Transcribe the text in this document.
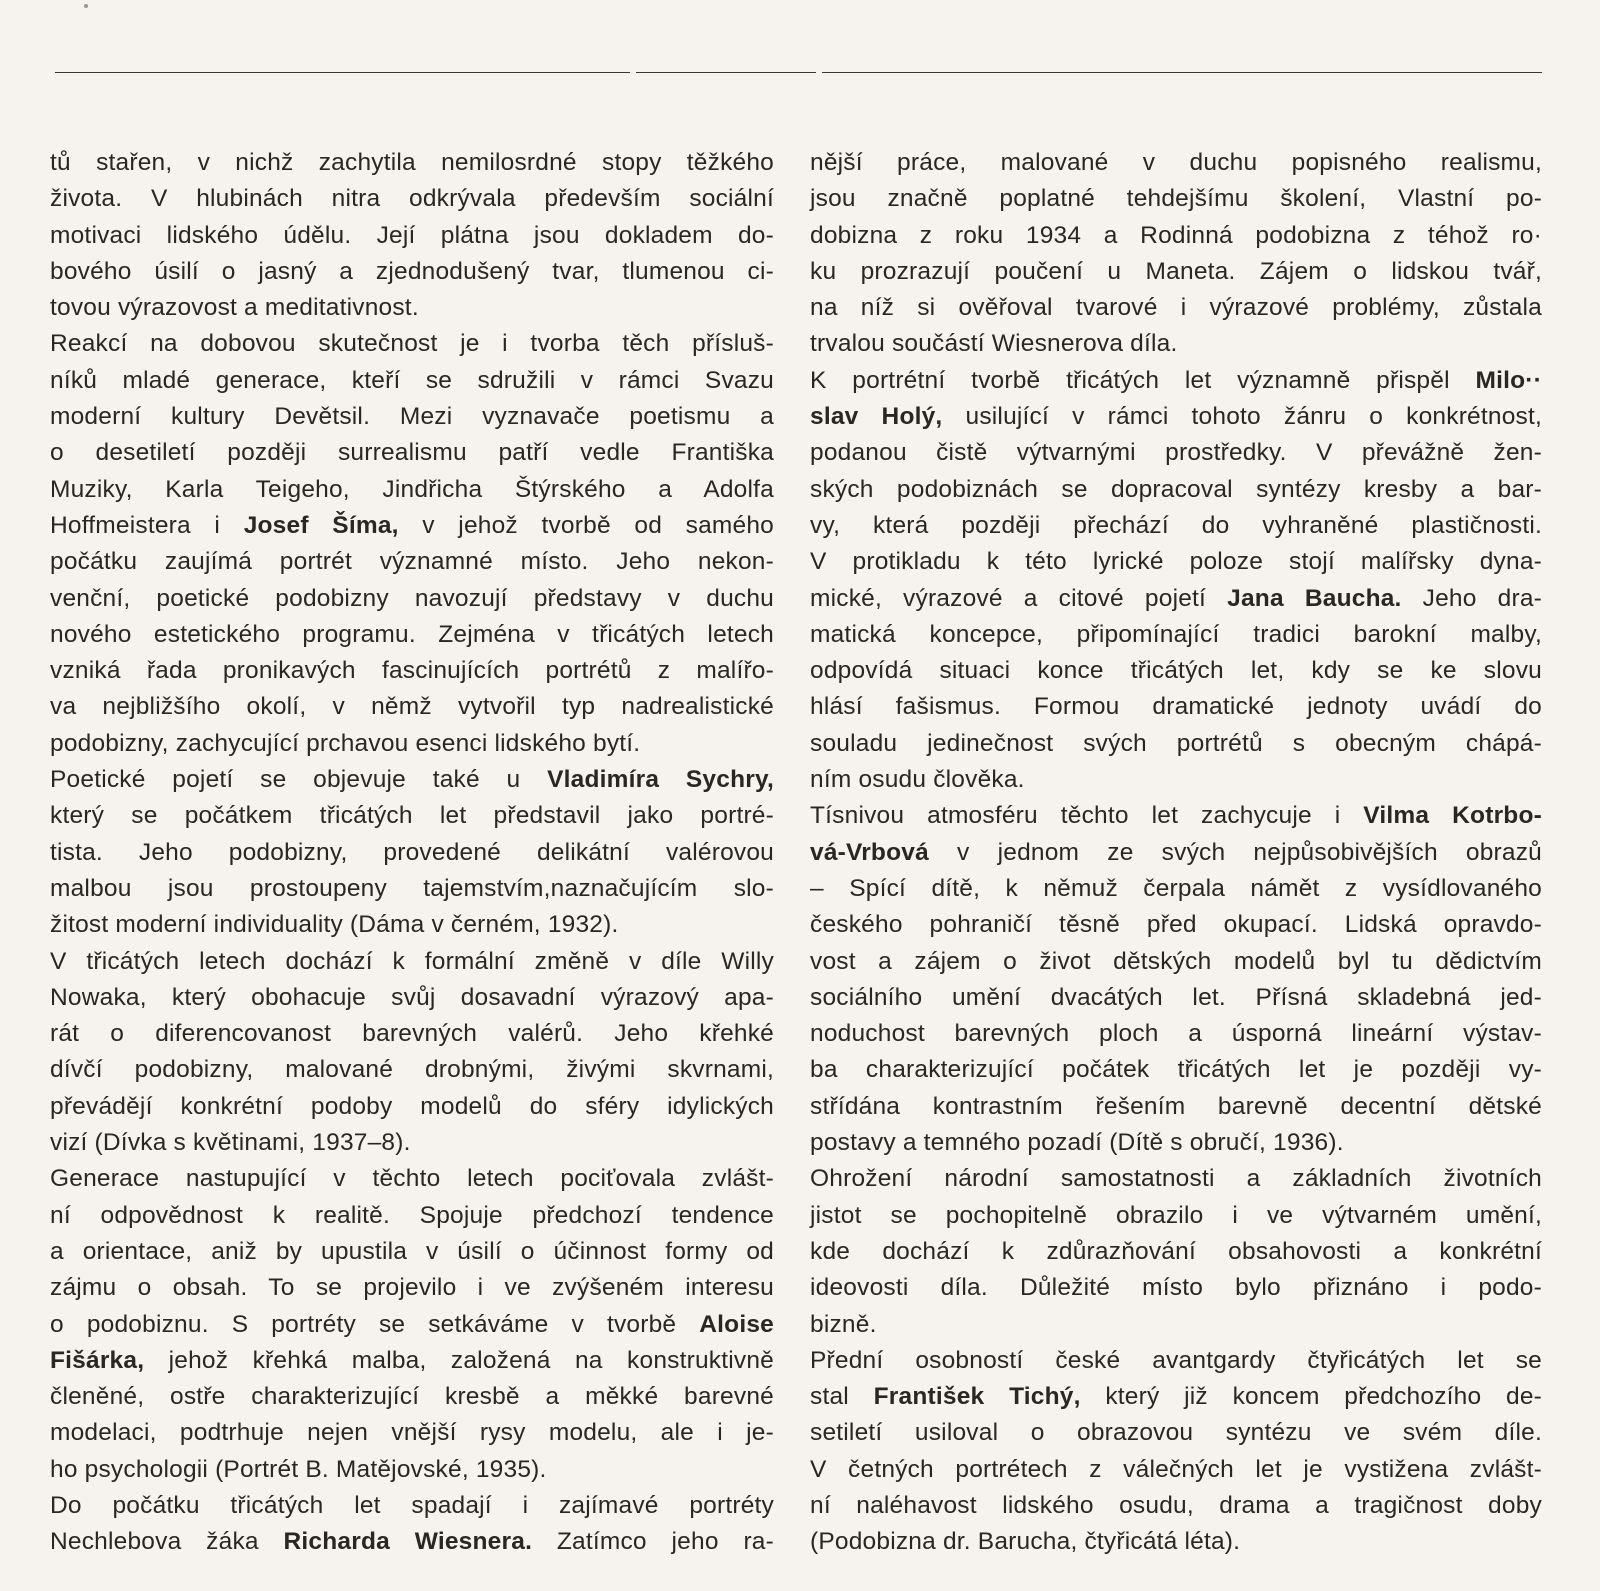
tů stařen, v nichž zachytila nemilosrdné stopy těžkého
života. V hlubinách nitra odkrývala především sociální
motivaci lidského údělu. Její plátna jsou dokladem do-
bového úsilí o jasný a zjednodušený tvar, tlumenou ci-
tovou výrazovost a meditativnost.
Reakcí na dobovou skutečnost je i tvorba těch přísluš-
níků mladé generace, kteří se sdružili v rámci Svazu
moderní kultury Devětsil. Mezi vyznavače poetismu a
o desetiletí později surrealismu patří vedle Františka
Muziky, Karla Teigeho, Jindřicha Štýrského a Adolfa
Hoffmeistera i Josef Šíma, v jehož tvorbě od samého
počátku zaujímá portrét významné místo. Jeho nekon-
venční, poetické podobizny navozují představy v duchu
nového estetického programu. Zejména v třicátých letech
vzniká řada pronikavých fascinujících portrétů z malířo-
va nejbližšího okolí, v němž vytvořil typ nadrealistické
podobizny, zachycující prchavou esenci lidského bytí.
Poetické pojetí se objevuje také u Vladimíra Sychry,
který se počátkem třicátých let představil jako portré-
tista. Jeho podobizny, provedené delikátní valérovou
malbou jsou prostoupeny tajemstvím,naznačujícím slo-
žitost moderní individuality (Dáma v černém, 1932).
V třicátých letech dochází k formální změně v díle Willy
Nowaka, který obohacuje svůj dosavadní výrazový apa-
rát o diferencovanost barevných valérů. Jeho křehké
dívčí podobizny, malované drobnými, živými skvrnami,
převádějí konkrétní podoby modelů do sféry idylických
vizí (Dívka s květinami, 1937–8).
Generace nastupující v těchto letech pociťovala zvlášt-
ní odpovědnost k realitě. Spojuje předchozí tendence
a orientace, aniž by upustila v úsilí o účinnost formy od
zájmu o obsah. To se projevilo i ve zvýšeném interesu
o podobiznu. S portréty se setkáváme v tvorbě Aloise
Fišárka, jehož křehká malba, založená na konstruktivně
členěné, ostře charakterizující kresbě a měkké barevné
modelaci, podtrhuje nejen vnější rysy modelu, ale i je-
ho psychologii (Portrét B. Matějovské, 1935).
Do počátku třicátých let spadají i zajímavé portréty
Nechlebova žáka Richarda Wiesnera. Zatímco jeho ra-
nější práce, malované v duchu popisného realismu,
jsou značně poplatné tehdejšímu školení, Vlastní po-
dobizna z roku 1934 a Rodinná podobizna z téhož ro·
ku prozrazují poučení u Maneta. Zájem o lidskou tvář,
na níž si ověřoval tvarové i výrazové problémy, zůstala
trvalou součástí Wiesnerova díla.
K portrétní tvorbě třicátých let významně přispěl Milo··
slav Holý, usilující v rámci tohoto žánru o konkrétnost,
podanou čistě výtvarnými prostředky. V převážně žen-
ských podobiznách se dopracoval syntézy kresby a bar-
vy, která později přechází do vyhraněné plastičnosti.
V protikladu k této lyrické poloze stojí malířsky dyna-
mické, výrazové a citové pojetí Jana Baucha. Jeho dra-
matická koncepce, připomínající tradici barokní malby,
odpovídá situaci konce třicátých let, kdy se ke slovu
hlásí fašismus. Formou dramatické jednoty uvádí do
souladu jedinečnost svých portrétů s obecným chápá-
ním osudu člověka.
Tísnivou atmosféru těchto let zachycuje i Vilma Kotrbo-
vá-Vrbová v jednom ze svých nejpůsobivějších obrazů
– Spící dítě, k němuž čerpala námět z vysídlovaného
českého pohraničí těsně před okupací. Lidská opravdo-
vost a zájem o život dětských modelů byl tu dědictvím
sociálního umění dvacátých let. Přísná skladebná jed-
noduchost barevných ploch a úsporná lineární výstav-
ba charakterizující počátek třicátých let je později vy-
střídána kontrastním řešením barevně decentní dětské
postavy a temného pozadí (Dítě s obručí, 1936).
Ohrožení národní samostatnosti a základních životních
jistot se pochopitelně obrazilo i ve výtvarném umění,
kde dochází k zdůrazňování obsahovosti a konkrétní
ideovosti díla. Důležité místo bylo přiznáno i podo-
bizně.
Přední osobností české avantgardy čtyřicátých let se
stal František Tichý, který již koncem předchozího de-
setiletí usiloval o obrazovou syntézu ve svém díle.
V četných portrétech z válečných let je vystižena zvlášt-
ní naléhavost lidského osudu, drama a tragičnost doby
(Podobizna dr. Barucha, čtyřicátá léta).
